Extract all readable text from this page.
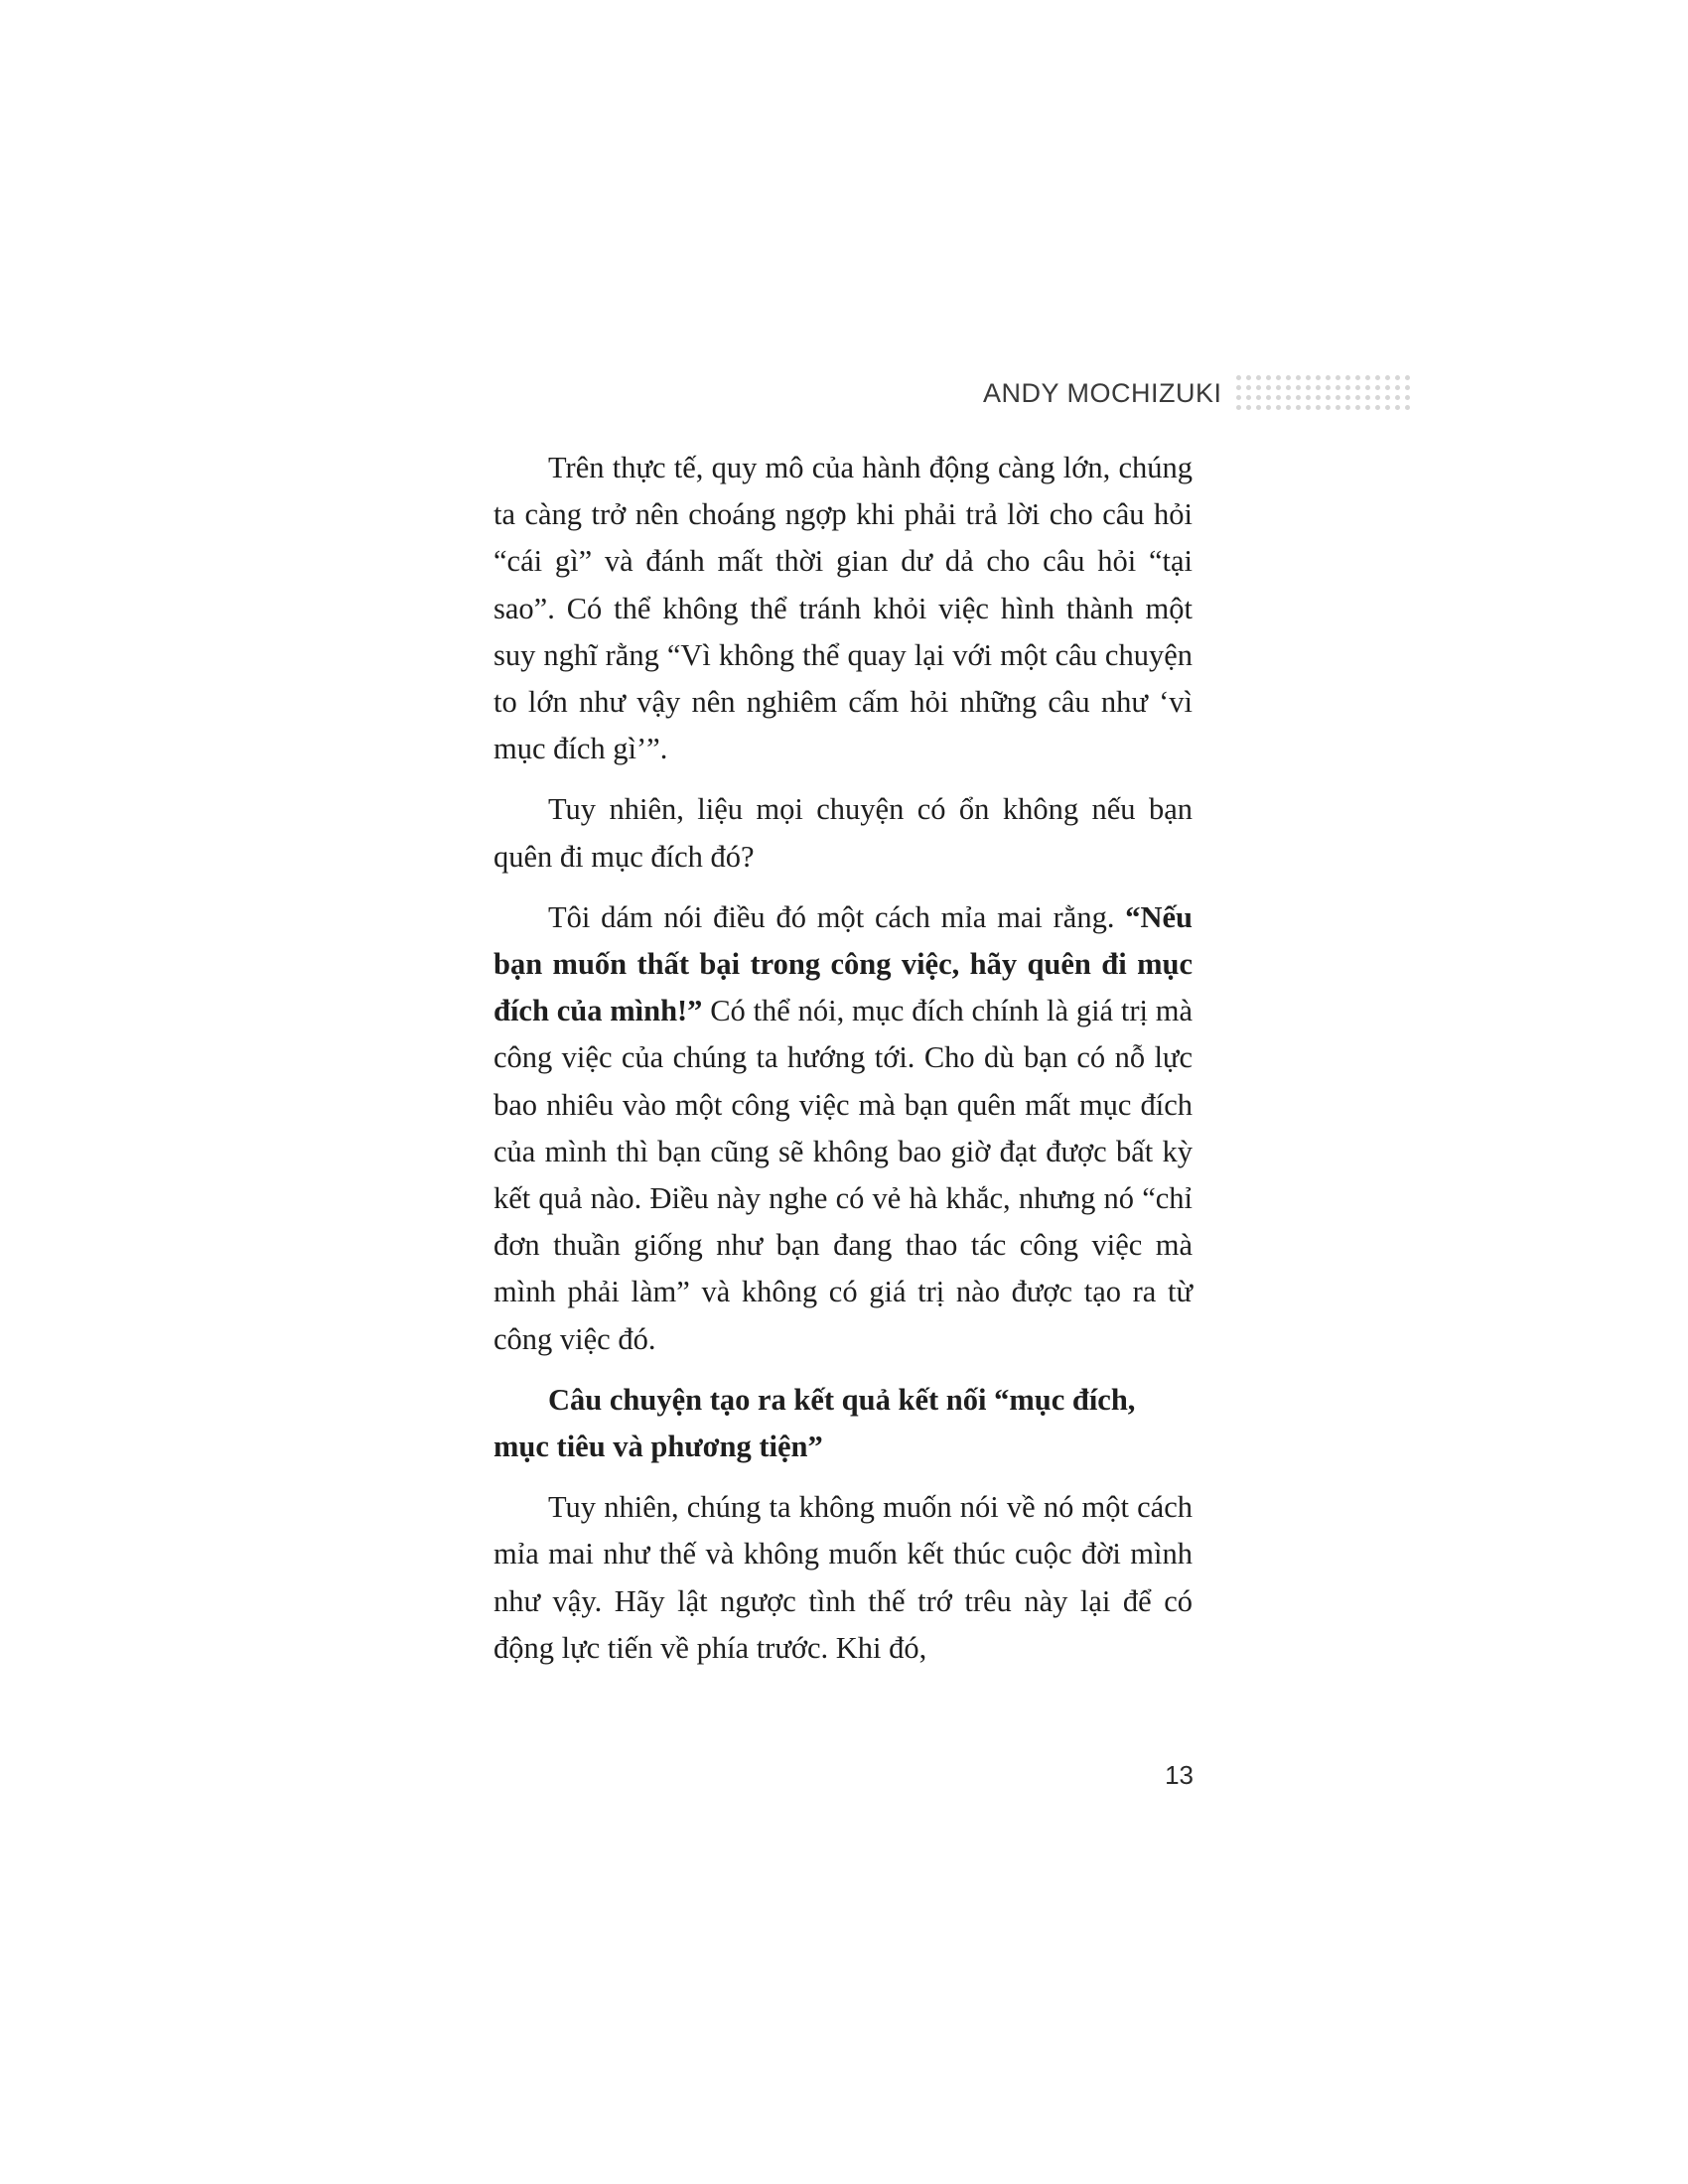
ANDY MOCHIZUKI

Trên thực tế, quy mô của hành động càng lớn, chúng ta càng trở nên choáng ngợp khi phải trả lời cho câu hỏi “cái gì” và đánh mất thời gian dư dả cho câu hỏi “tại sao”. Có thể không thể tránh khỏi việc hình thành một suy nghĩ rằng “Vì không thể quay lại với một câu chuyện to lớn như vậy nên nghiêm cấm hỏi những câu như ‘vì mục đích gì’”.

Tuy nhiên, liệu mọi chuyện có ổn không nếu bạn quên đi mục đích đó?

Tôi dám nói điều đó một cách mỉa mai rằng. “Nếu bạn muốn thất bại trong công việc, hãy quên đi mục đích của mình!” Có thể nói, mục đích chính là giá trị mà công việc của chúng ta hướng tới. Cho dù bạn có nỗ lực bao nhiêu vào một công việc mà bạn quên mất mục đích của mình thì bạn cũng sẽ không bao giờ đạt được bất kỳ kết quả nào. Điều này nghe có vẻ hà khắc, nhưng nó “chỉ đơn thuần giống như bạn đang thao tác công việc mà mình phải làm” và không có giá trị nào được tạo ra từ công việc đó.

Câu chuyện tạo ra kết quả kết nối “mục đích, mục tiêu và phương tiện”

Tuy nhiên, chúng ta không muốn nói về nó một cách mỉa mai như thế và không muốn kết thúc cuộc đời mình như vậy. Hãy lật ngược tình thế trớ trêu này lại để có động lực tiến về phía trước. Khi đó,

13
